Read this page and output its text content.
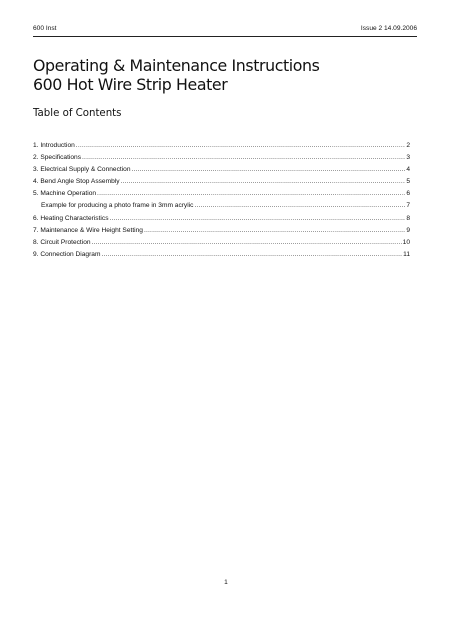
600 Inst	Issue 2 14.09.2006
Operating & Maintenance Instructions
600 Hot Wire Strip Heater
Table of Contents
1. Introduction .....	2
2. Specifications .....	3
3. Electrical Supply & Connection .....	4
4. Bend Angle Stop Assembly .....	5
5. Machine Operation .....	6
Example for producing a photo frame in 3mm acrylic .....	7
6. Heating Characteristics .....	8
7. Maintenance & Wire Height Setting .....	9
8. Circuit Protection .....	10
9. Connection Diagram .....	11
1
